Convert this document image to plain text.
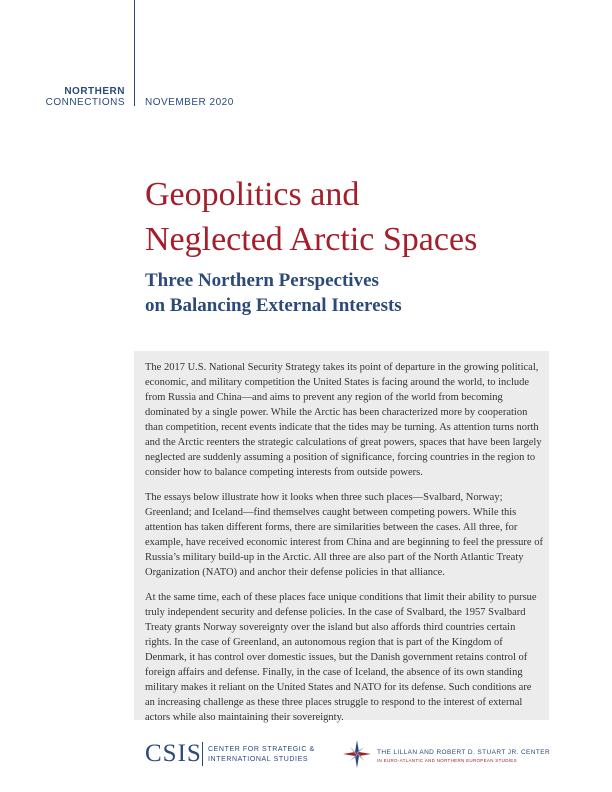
NORTHERN
CONNECTIONS NOVEMBER 2020
Geopolitics and
Neglected Arctic Spaces
Three Northern Perspectives
on Balancing External Interests

The 2017 U.S. National Security Strategy takes its point of departure in the growing political, economic, and military competition the United States is facing around the world, to include from Russia and China—and aims to prevent any region of the world from becoming dominated by a single power. While the Arctic has been characterized more by cooperation than competition, recent events indicate that the tides may be turning. As attention turns north and the Arctic reenters the strategic calculations of great powers, spaces that have been largely neglected are suddenly assuming a position of significance, forcing countries in the region to consider how to balance competing interests from outside powers.

The essays below illustrate how it looks when three such places—Svalbard, Norway; Greenland; and Iceland—find themselves caught between competing powers. While this attention has taken different forms, there are similarities between the cases. All three, for example, have received economic interest from China and are beginning to feel the pressure of Russia’s military build-up in the Arctic. All three are also part of the North Atlantic Treaty Organization (NATO) and anchor their defense policies in that alliance.

At the same time, each of these places face unique conditions that limit their ability to pursue truly independent security and defense policies. In the case of Svalbard, the 1957 Svalbard Treaty grants Norway sovereignty over the island but also affords third countries certain rights. In the case of Greenland, an autonomous region that is part of the Kingdom of Denmark, it has control over domestic issues, but the Danish government retains control of foreign affairs and defense. Finally, in the case of Iceland, the absence of its own standing military makes it reliant on the United States and NATO for its defense. Such conditions are an increasing challenge as these three places struggle to respond to the interest of external actors while also maintaining their sovereignty.

CSIS CENTER FOR STRATEGIC &
INTERNATIONAL STUDIES
THE LILLAN AND ROBERT D. STUART JR. CENTER
IN EURO-ATLANTIC AND NORTHERN EUROPEAN STUDIES
